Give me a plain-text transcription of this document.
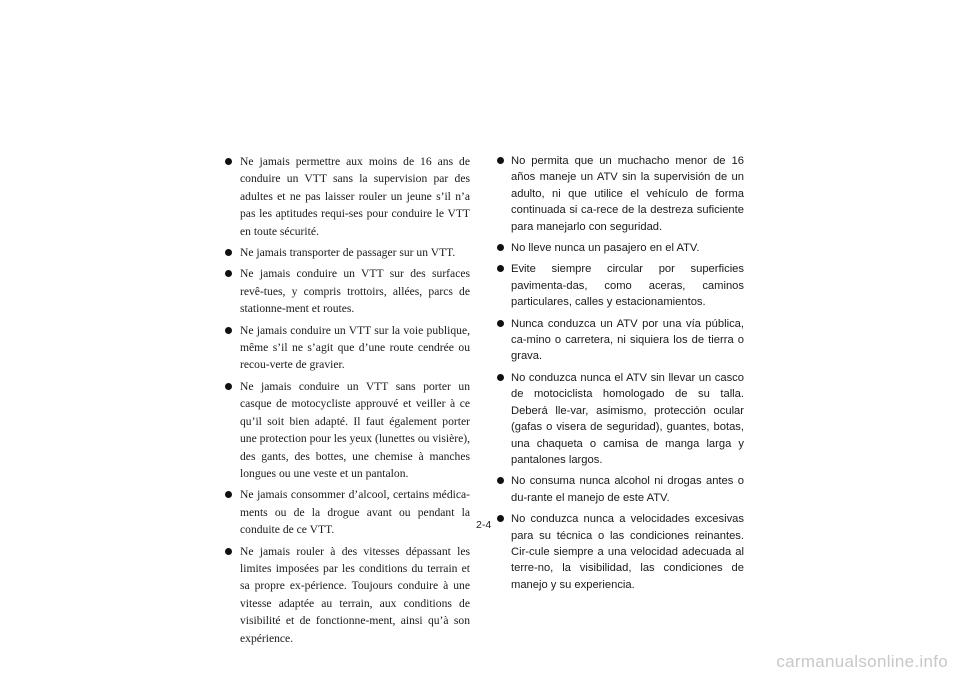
Ne jamais permettre aux moins de 16 ans de conduire un VTT sans la supervision par des adultes et ne pas laisser rouler un jeune s’il n’a pas les aptitudes requi-ses pour conduire le VTT en toute sécurité.
Ne jamais transporter de passager sur un VTT.
Ne jamais conduire un VTT sur des surfaces revê-tues, y compris trottoirs, allées, parcs de stationne-ment et routes.
Ne jamais conduire un VTT sur la voie publique, même s’il ne s’agit que d’une route cendrée ou recou-verte de gravier.
Ne jamais conduire un VTT sans porter un casque de motocycliste approuvé et veiller à ce qu’il soit bien adapté. Il faut également porter une protection pour les yeux (lunettes ou visière), des gants, des bottes, une chemise à manches longues ou une veste et un pantalon.
Ne jamais consommer d’alcool, certains médica-ments ou de la drogue avant ou pendant la conduite de ce VTT.
Ne jamais rouler à des vitesses dépassant les limites imposées par les conditions du terrain et sa propre ex-périence. Toujours conduire à une vitesse adaptée au terrain, aux conditions de visibilité et de fonctionne-ment, ainsi qu’à son expérience.
No permita que un muchacho menor de 16 años maneje un ATV sin la supervisión de un adulto, ni que utilice el vehículo de forma continuada si ca-rece de la destreza suficiente para manejarlo con seguridad.
No lleve nunca un pasajero en el ATV.
Evite siempre circular por superficies pavimenta-das, como aceras, caminos particulares, calles y estacionamientos.
Nunca conduzca un ATV por una vía pública, ca-mino o carretera, ni siquiera los de tierra o grava.
No conduzca nunca el ATV sin llevar un casco de motociclista homologado de su talla. Deberá lle-var, asimismo, protección ocular (gafas o visera de seguridad), guantes, botas, una chaqueta o camisa de manga larga y pantalones largos.
No consuma nunca alcohol ni drogas antes o du-rante el manejo de este ATV.
No conduzca nunca a velocidades excesivas para su técnica o las condiciones reinantes. Cir-cule siempre a una velocidad adecuada al terre-no, la visibilidad, las condiciones de manejo y su experiencia.
2-4
carmanualsonline.info
